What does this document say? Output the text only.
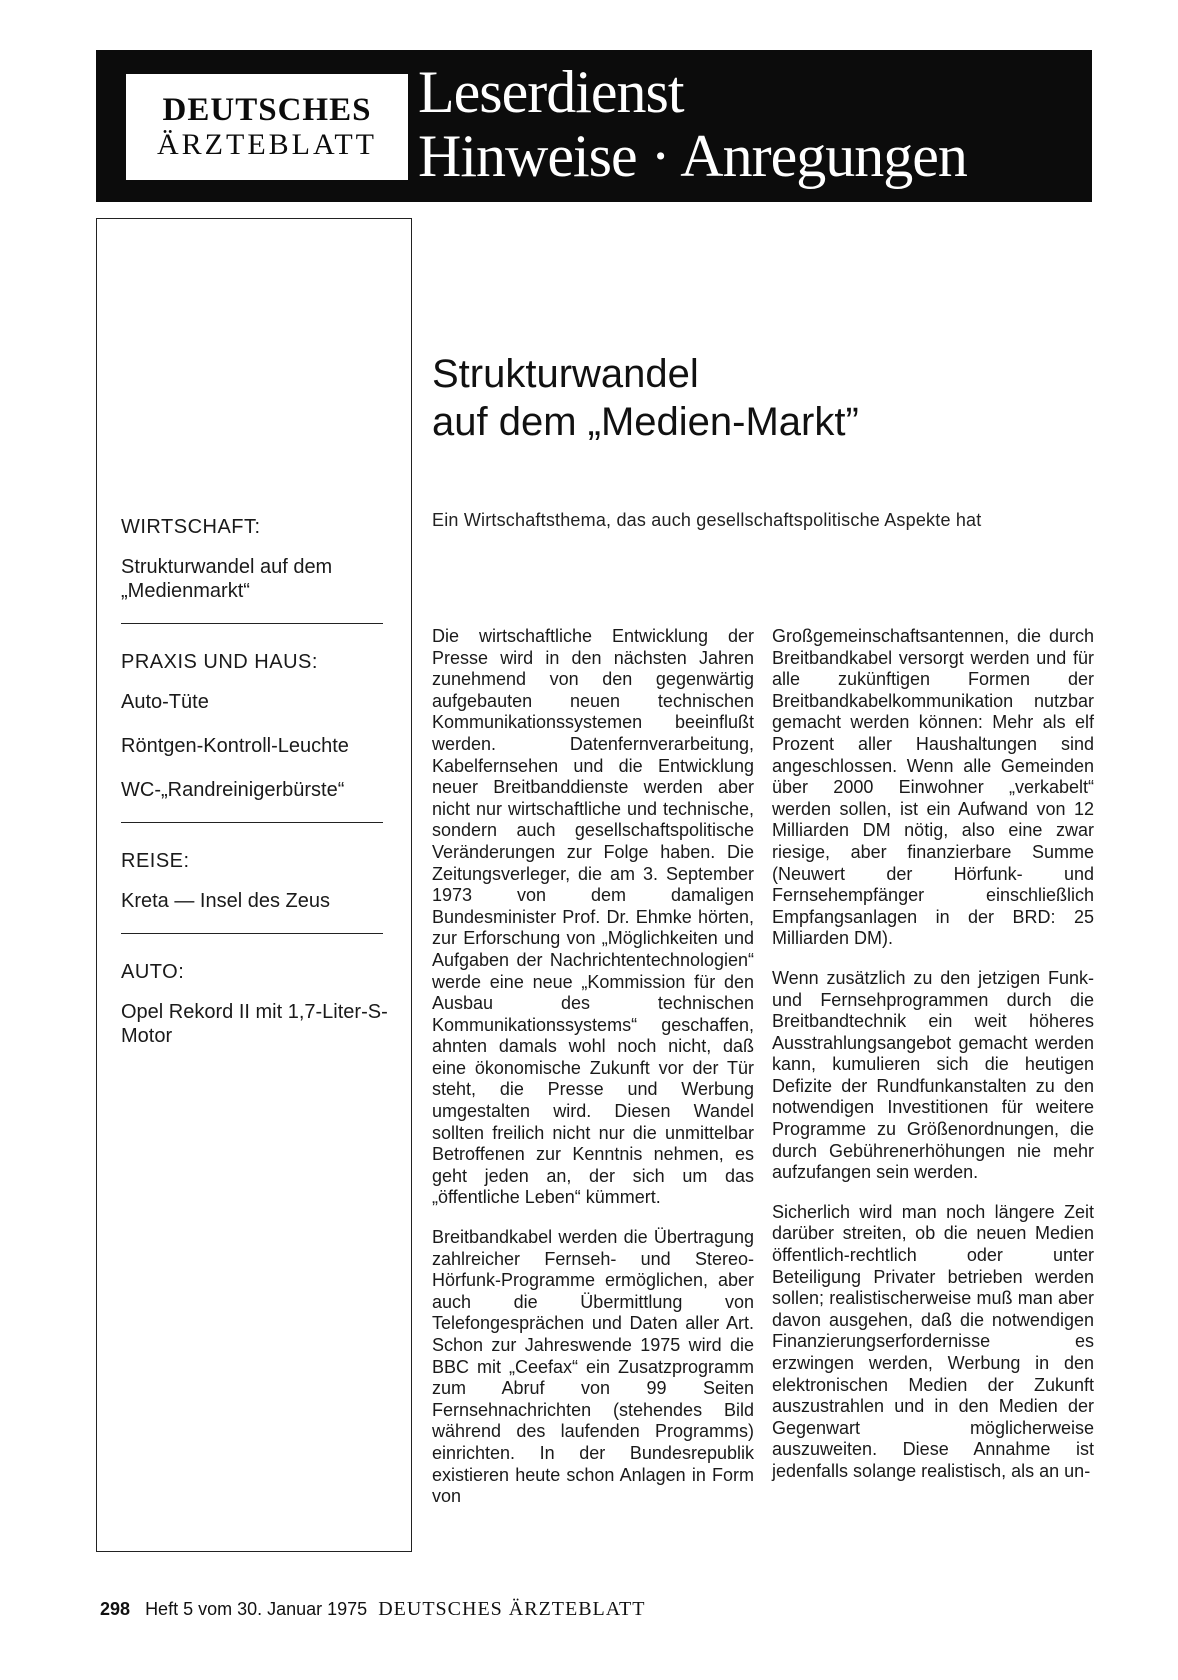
DEUTSCHES
ÄRZTEBLATT
Leserdienst
Hinweise · Anregungen
WIRTSCHAFT:
Strukturwandel auf dem „Medienmarkt“
PRAXIS UND HAUS:
Auto-Tüte
Röntgen-Kontroll-Leuchte
WC-„Randreinigerbürste“
REISE:
Kreta — Insel des Zeus
AUTO:
Opel Rekord II mit 1,7-Liter-S-Motor
Strukturwandel
auf dem „Medien-Markt”
Ein Wirtschaftsthema, das auch gesellschaftspolitische Aspekte hat

Die wirtschaftliche Entwicklung der Presse wird in den nächsten Jahren zunehmend von den gegenwärtig aufgebauten neuen technischen Kommunikationssystemen beeinflußt werden. Datenfernverarbeitung, Kabelfernsehen und die Entwicklung neuer Breitbanddienste werden aber nicht nur wirtschaftliche und technische, sondern auch gesellschaftspolitische Veränderungen zur Folge haben. Die Zeitungsverleger, die am 3. September 1973 von dem damaligen Bundesminister Prof. Dr. Ehmke hörten, zur Erforschung von „Möglichkeiten und Aufgaben der Nachrichtentechnologien“ werde eine neue „Kommission für den Ausbau des technischen Kommunikationssystems“ geschaffen, ahnten damals wohl noch nicht, daß eine ökonomische Zukunft vor der Tür steht, die Presse und Werbung umgestalten wird. Diesen Wandel sollten freilich nicht nur die unmittelbar Betroffenen zur Kenntnis nehmen, es geht jeden an, der sich um das „öffentliche Leben“ kümmert.

Breitbandkabel werden die Übertragung zahlreicher Fernseh- und Stereo-Hörfunk-Programme ermöglichen, aber auch die Übermittlung von Telefongesprächen und Daten aller Art. Schon zur Jahreswende 1975 wird die BBC mit „Ceefax“ ein Zusatzprogramm zum Abruf von 99 Seiten Fernsehnachrichten (stehendes Bild während des laufenden Programms) einrichten. In der Bundesrepublik existieren heute schon Anlagen in Form von

Großgemeinschaftsantennen, die durch Breitbandkabel versorgt werden und für alle zukünftigen Formen der Breitbandkabelkommunikation nutzbar gemacht werden können: Mehr als elf Prozent aller Haushaltungen sind angeschlossen. Wenn alle Gemeinden über 2000 Einwohner „verkabelt“ werden sollen, ist ein Aufwand von 12 Milliarden DM nötig, also eine zwar riesige, aber finanzierbare Summe (Neuwert der Hörfunk- und Fernsehempfänger einschließlich Empfangsanlagen in der BRD: 25 Milliarden DM).

Wenn zusätzlich zu den jetzigen Funk- und Fernsehprogrammen durch die Breitbandtechnik ein weit höheres Ausstrahlungsangebot gemacht werden kann, kumulieren sich die heutigen Defizite der Rundfunkanstalten zu den notwendigen Investitionen für weitere Programme zu Größenordnungen, die durch Gebührenerhöhungen nie mehr aufzufangen sein werden.

Sicherlich wird man noch längere Zeit darüber streiten, ob die neuen Medien öffentlich-rechtlich oder unter Beteiligung Privater betrieben werden sollen; realistischerweise muß man aber davon ausgehen, daß die notwendigen Finanzierungserfordernisse es erzwingen werden, Werbung in den elektronischen Medien der Zukunft auszustrahlen und in den Medien der Gegenwart möglicherweise auszuweiten. Diese Annahme ist jedenfalls solange realistisch, als an un-

298 Heft 5 vom 30. Januar 1975 DEUTSCHES ÄRZTEBLATT
